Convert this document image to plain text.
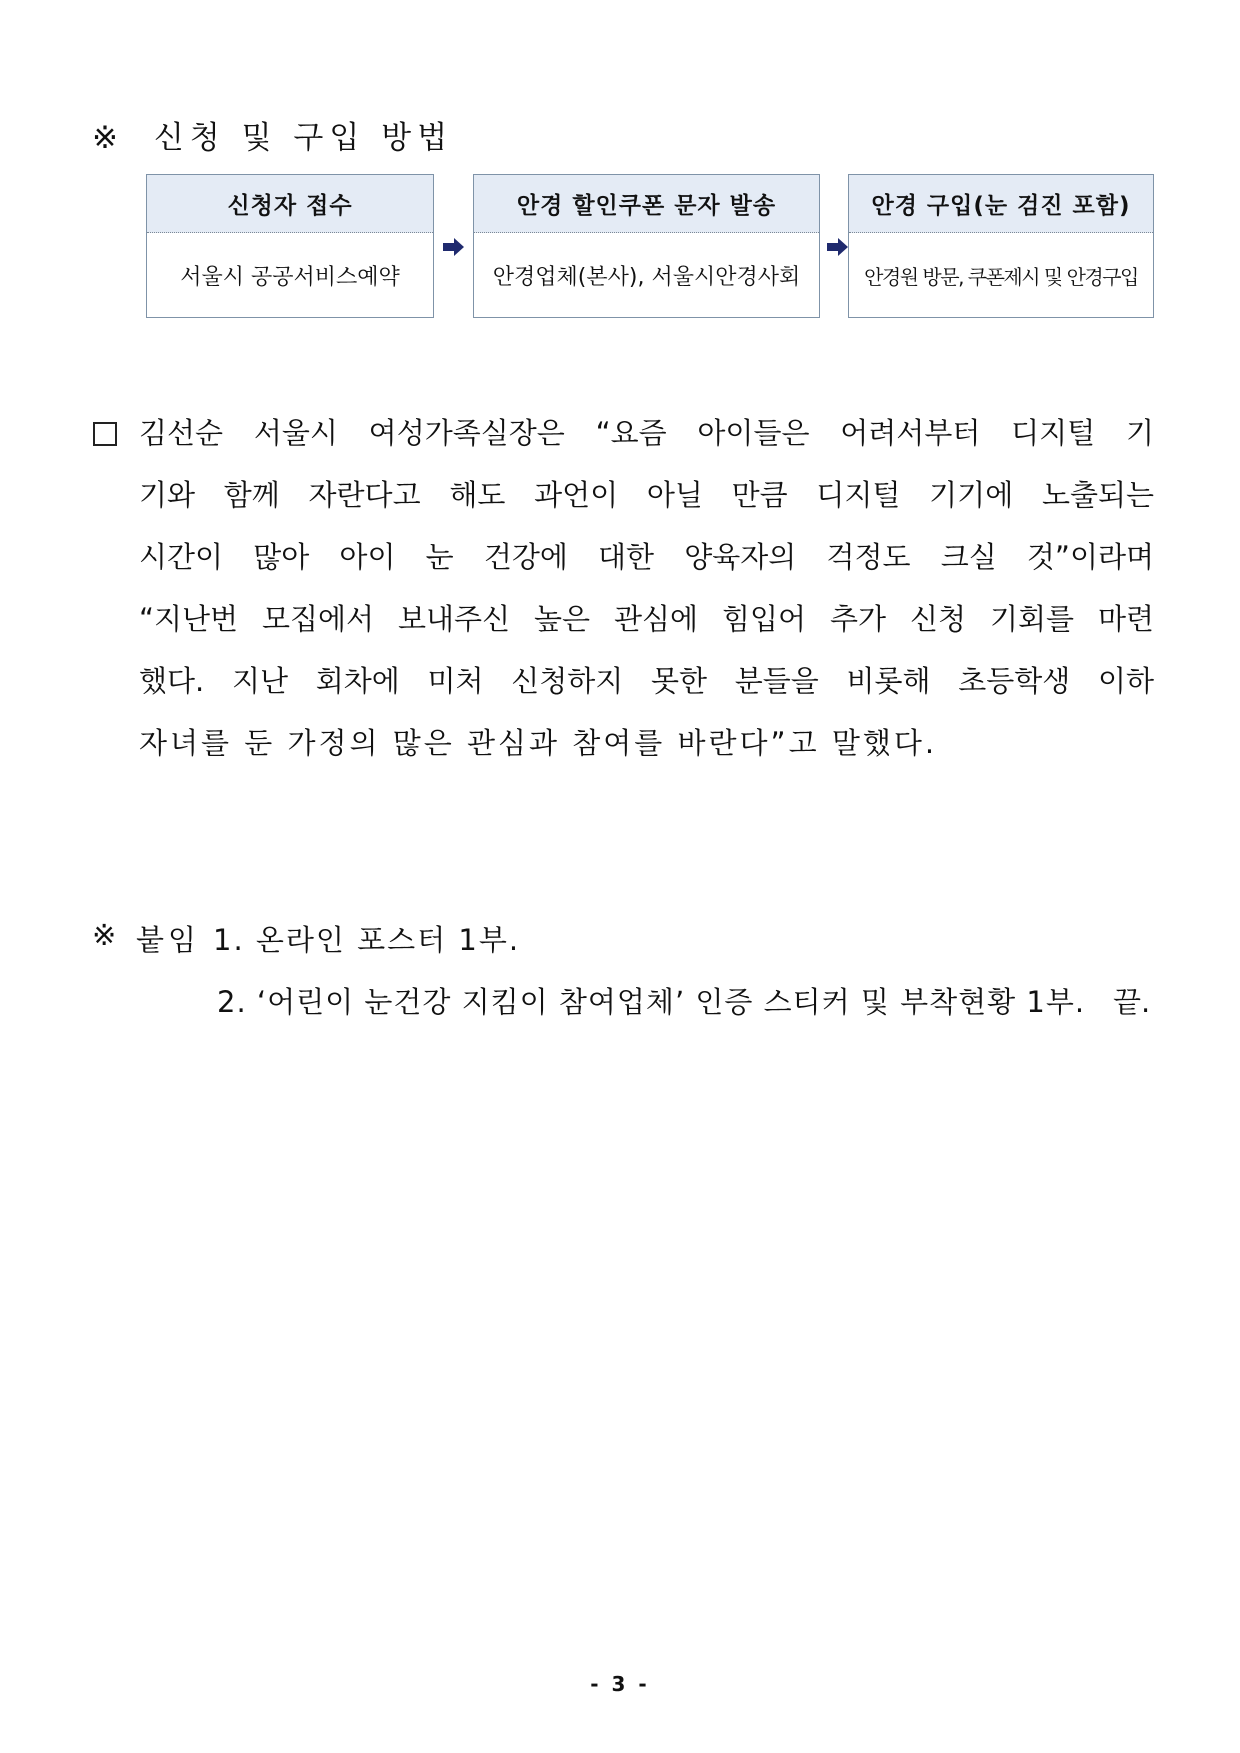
※ 신청 및 구입 방법
신청자 접수
서울시 공공서비스예약
안경 할인쿠폰 문자 발송
안경업체(본사), 서울시안경사회
안경 구입(눈 검진 포함)
안경원 방문, 쿠폰제시 및 안경구입
김선순 서울시 여성가족실장은 “요즘 아이들은 어려서부터 디지털 기
기와 함께 자란다고 해도 과언이 아닐 만큼 디지털 기기에 노출되는
시간이 많아 아이 눈 건강에 대한 양육자의 걱정도 크실 것”이라며
“지난번 모집에서 보내주신 높은 관심에 힘입어 추가 신청 기회를 마련
했다. 지난 회차에 미처 신청하지 못한 분들을 비롯해 초등학생 이하
자녀를 둔 가정의 많은 관심과 참여를 바란다”고 말했다.
※ 붙임 1. 온라인 포스터 1부.
2. ‘어린이 눈건강 지킴이 참여업체’ 인증 스티커 및 부착현황 1부. 끝.
- 3 -
